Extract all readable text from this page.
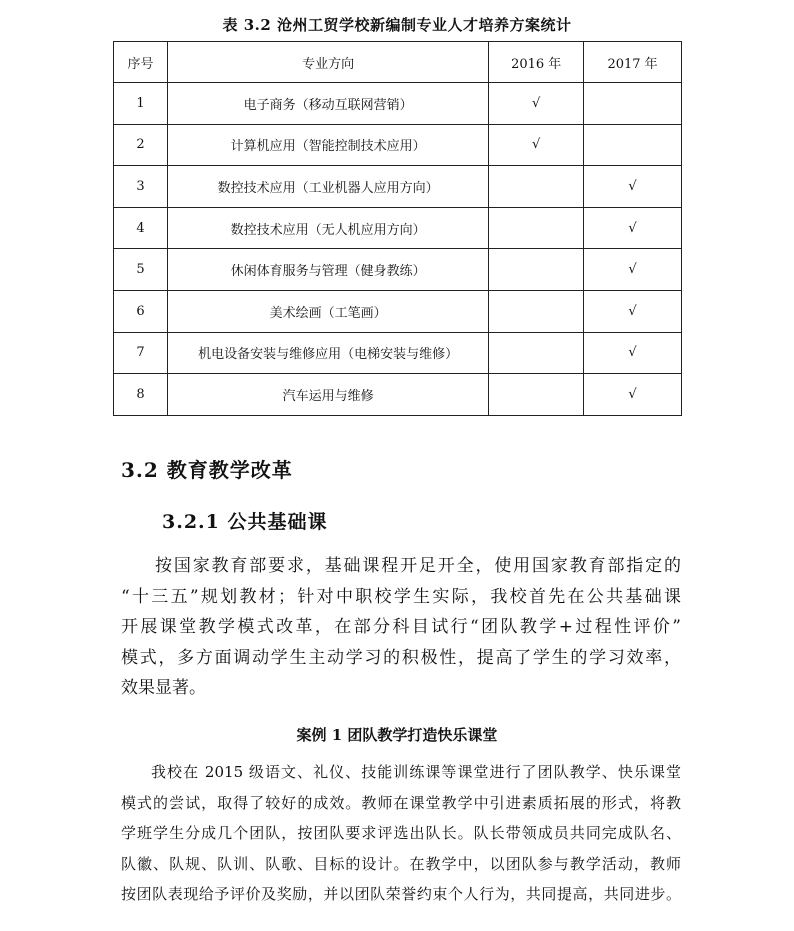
表 3.2 沧州工贸学校新编制专业人才培养方案统计
序号	专业方向	2016 年	2017 年
1	电子商务（移动互联网营销）	√	
2	计算机应用（智能控制技术应用）	√	
3	数控技术应用（工业机器人应用方向）		√
4	数控技术应用（无人机应用方向）		√
5	休闲体育服务与管理（健身教练）		√
6	美术绘画（工笔画）		√
7	机电设备安装与维修应用（电梯安装与维修）		√
8	汽车运用与维修		√
3.2 教育教学改革
3.2.1 公共基础课
按国家教育部要求，基础课程开足开全，使用国家教育部指定的
“十三五”规划教材；针对中职校学生实际，我校首先在公共基础课
开展课堂教学模式改革，在部分科目试行“团队教学+过程性评价”
模式，多方面调动学生主动学习的积极性，提高了学生的学习效率，
效果显著。
案例 1 团队教学打造快乐课堂
我校在 2015 级语文、礼仪、技能训练课等课堂进行了团队教学、快乐课堂
模式的尝试，取得了较好的成效。教师在课堂教学中引进素质拓展的形式，将教
学班学生分成几个团队，按团队要求评选出队长。队长带领成员共同完成队名、
队徽、队规、队训、队歌、目标的设计。在教学中，以团队参与教学活动，教师
按团队表现给予评价及奖励，并以团队荣誉约束个人行为，共同提高，共同进步。
